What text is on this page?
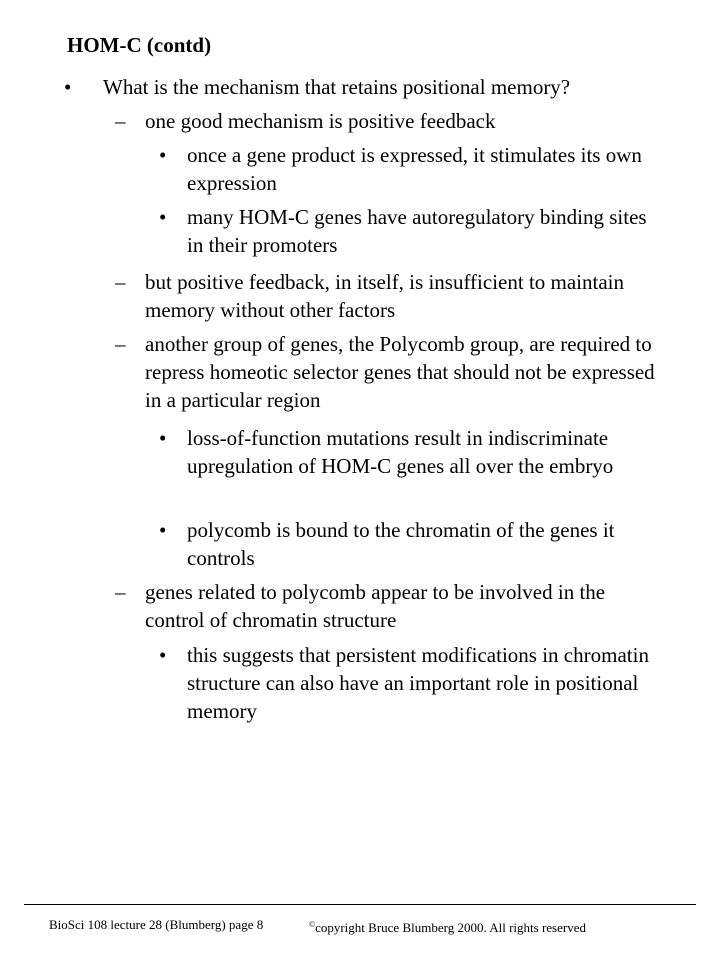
HOM-C (contd)
•	What is the mechanism that retains positional memory?
– one good mechanism is positive feedback
• once a gene product is expressed, it stimulates its own expression
• many HOM-C genes have autoregulatory binding sites in their promoters
– but positive feedback, in itself, is insufficient to maintain memory without other factors
– another group of genes, the Polycomb group, are required to repress homeotic selector genes that should not be expressed in a particular region
• loss-of-function mutations result in indiscriminate upregulation of HOM-C genes all over the embryo
• polycomb is bound to the chromatin of the genes it controls
– genes related to polycomb appear to be involved in the control of chromatin structure
• this suggests that persistent modifications in chromatin structure can also have an important role in positional memory
BioSci 108 lecture 28 (Blumberg) page 8	©copyright Bruce Blumberg 2000. All rights reserved
